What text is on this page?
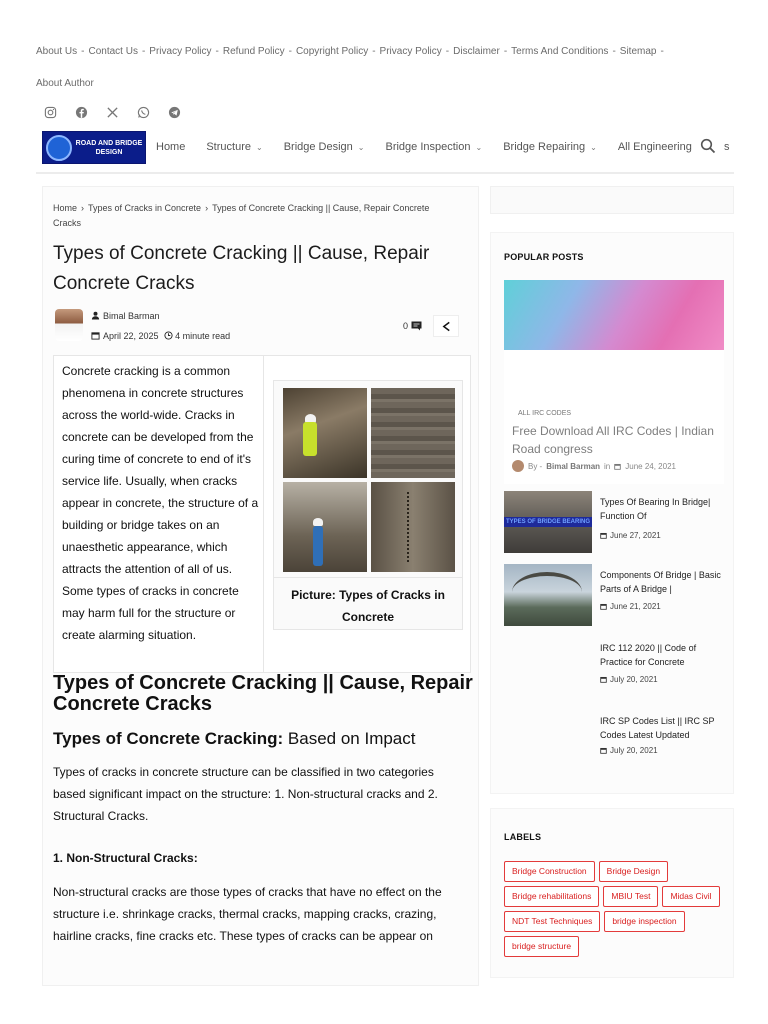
About Us - Contact Us - Privacy Policy - Refund Policy - Copyright Policy - Privacy Policy - Disclaimer - Terms And Conditions - Sitemap -
About Author
ROAD AND BRIDGE DESIGN	Home Structure ⌄ Bridge Design ⌄ Bridge Inspection ⌄ Bridge Repairing ⌄ All Engineering	s
Home › Types of Cracks in Concrete › Types of Concrete Cracking || Cause, Repair Concrete Cracks
Types of Concrete Cracking || Cause, Repair Concrete Cracks
Bimal Barman
April 22, 2025 4 minute read
0
Concrete cracking is a common phenomena in concrete structures across the world-wide. Cracks in concrete can be developed from the curing time of concrete to end of it's service life. Usually, when cracks appear in concrete, the structure of a building or bridge takes on an unaesthetic appearance, which attracts the attention of all of us. Some types of cracks in concrete may harm full for the structure or create alarming situation.
Picture: Types of Cracks in Concrete
Types of Concrete Cracking || Cause, Repair Concrete Cracks
Types of Concrete Cracking: Based on Impact
Types of cracks in concrete structure can be classified in two categories based significant impact on the structure: 1. Non-structural cracks and 2. Structural Cracks.
1. Non-Structural Cracks:
Non-structural cracks are those types of cracks that have no effect on the structure i.e. shrinkage cracks, thermal cracks, mapping cracks, crazing, hairline cracks, fine cracks etc. These types of cracks can be appear on
POPULAR POSTS
ALL IRC CODES
Free Download All IRC Codes | Indian Road congress
By - Bimal Barman in June 24, 2021
TYPES OF BRIDGE BEARING
Types Of Bearing In Bridge| Function Of
June 27, 2021
Components Of Bridge | Basic Parts of A Bridge |
June 21, 2021
IRC 112 2020 || Code of Practice for Concrete
July 20, 2021
IRC SP Codes List || IRC SP Codes Latest Updated
July 20, 2021
LABELS
Bridge Construction	Bridge Design
Bridge rehabilitations	MBIU Test	Midas Civil
NDT Test Techniques	bridge inspection
bridge structure
